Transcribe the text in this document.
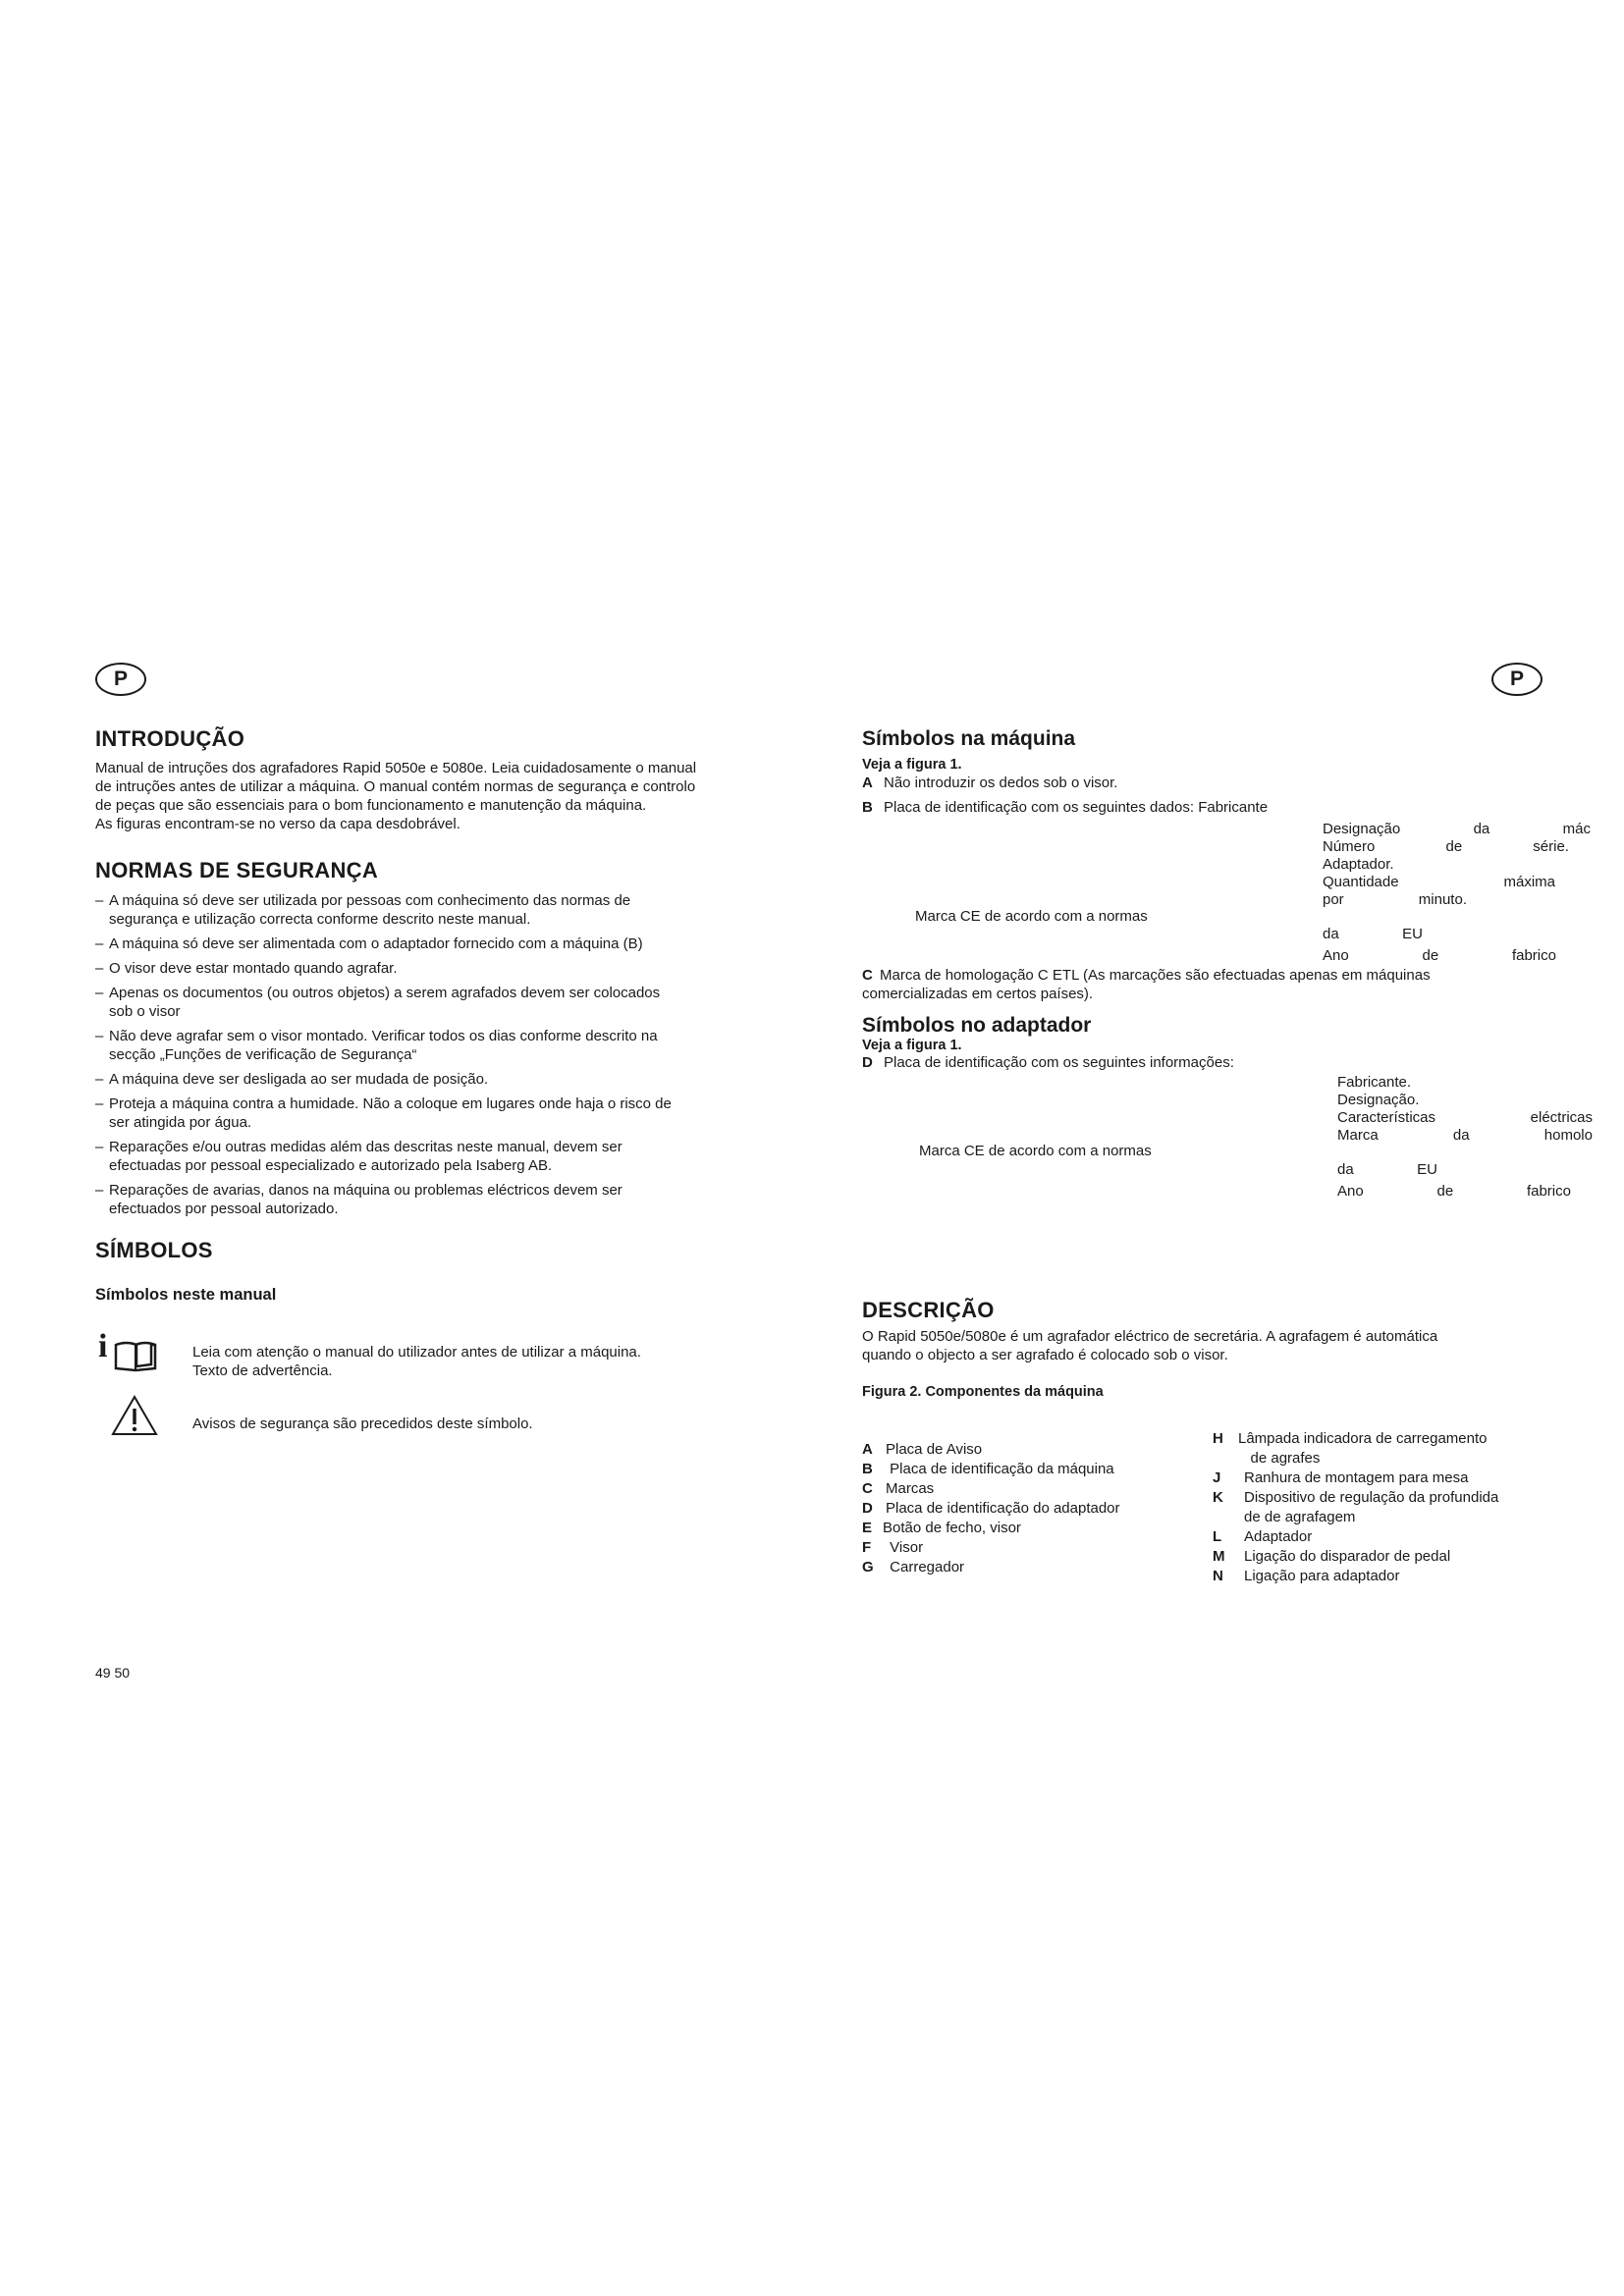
P	P
INTRODUÇÃO
Manual de intruções dos agrafadores Rapid 5050e e 5080e. Leia cuidadosamente o manual
de intruções antes de utilizar a máquina. O manual contém normas de segurança e controlo
de peças que são essenciais para o bom funcionamento e manutenção da máquina.
As figuras encontram-se no verso da capa desdobrável.
NORMAS DE SEGURANÇA
– A máquina só deve ser utilizada por pessoas com conhecimento das normas de
segurança e utilização correcta conforme descrito neste manual.
– A máquina só deve ser alimentada com o adaptador fornecido com a máquina (B)
– O visor deve estar montado quando agrafar.
– Apenas os documentos (ou outros objetos) a serem agrafados devem ser colocados
sob o visor
– Não deve agrafar sem o visor montado. Verificar todos os dias conforme descrito na
secção „Funções de verificação de Segurança“
– A máquina deve ser desligada ao ser mudada de posição.
– Proteja a máquina contra a humidade. Não a coloque em lugares onde haja o risco de
ser atingida por água.
– Reparações e/ou outras medidas além das descritas neste manual, devem ser
efectuadas por pessoal especializado e autorizado pela Isaberg AB.
– Reparações de avarias, danos na máquina ou problemas eléctricos devem ser
efectuados por pessoal autorizado.
SÍMBOLOS
Símbolos neste manual
i	Leia com atenção o manual do utilizador antes de utilizar a máquina.
Texto de advertência.
Avisos de segurança são precedidos deste símbolo.
49 50
Símbolos na máquina
Veja a figura 1.
A Não introduzir os dedos sob o visor.
B Placa de identificação com os seguintes dados: Fabricante
Designação	da	mác
Número	de	série.
Adaptador.
Quantidade	máxima
por	minuto.
Marca CE de acordo com a normas
da	EU
Ano	de	fabrico
C Marca de homologação C ETL (As marcações são efectuadas apenas em máquinas
comercializadas em certos países).
Símbolos no adaptador
Veja a figura 1.
D Placa de identificação com os seguintes informações:
Fabricante.
Designação.
Características	eléctricas
Marca	da	homolo
Marca CE de acordo com a normas
da	EU
Ano	de	fabrico
DESCRIÇÃO
O Rapid 5050e/5080e é um agrafador eléctrico de secretária. A agrafagem é automática
quando o objecto a ser agrafado é colocado sob o visor.
Figura 2. Componentes da máquina
A Placa de Aviso
B Placa de identificação da máquina
C Marcas
D Placa de identificação do adaptador
E Botão de fecho, visor
F Visor
G Carregador
H	Lâmpada indicadora de carregamento
de agrafes
J	Ranhura de montagem para mesa
K	Dispositivo de regulação da profundida
de de agrafagem
L	Adaptador
M	Ligação do disparador de pedal
N	Ligação para adaptador
